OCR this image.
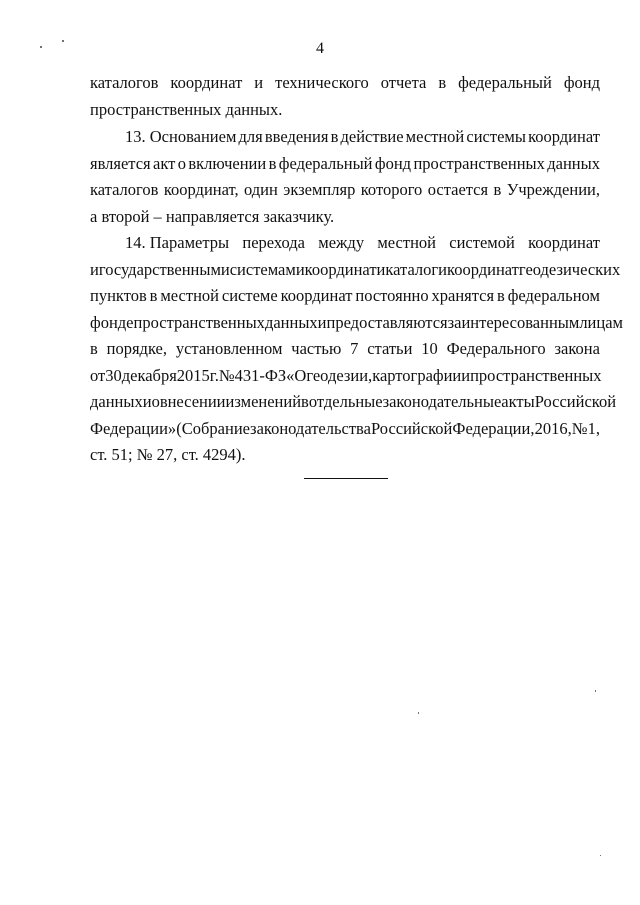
4
каталогов координат и технического отчета в федеральный фонд
пространственных данных.
13. Основанием для введения в действие местной системы координат
является акт о включении в федеральный фонд пространственных данных
каталогов координат, один экземпляр которого остается в Учреждении,
а второй – направляется заказчику.
14. Параметры перехода между местной системой координат
и государственными системами координат и каталоги координат геодезических
пунктов в местной системе координат постоянно хранятся в федеральном
фонде пространственных данных и предоставляются заинтересованным лицам
в порядке, установленном частью 7 статьи 10 Федерального закона
от 30 декабря 2015 г. № 431-ФЗ «О геодезии, картографии и пространственных
данных и о внесении изменений в отдельные законодательные акты Российской
Федерации» (Собрание законодательства Российской Федерации, 2016, № 1,
ст. 51; № 27, ст. 4294).
